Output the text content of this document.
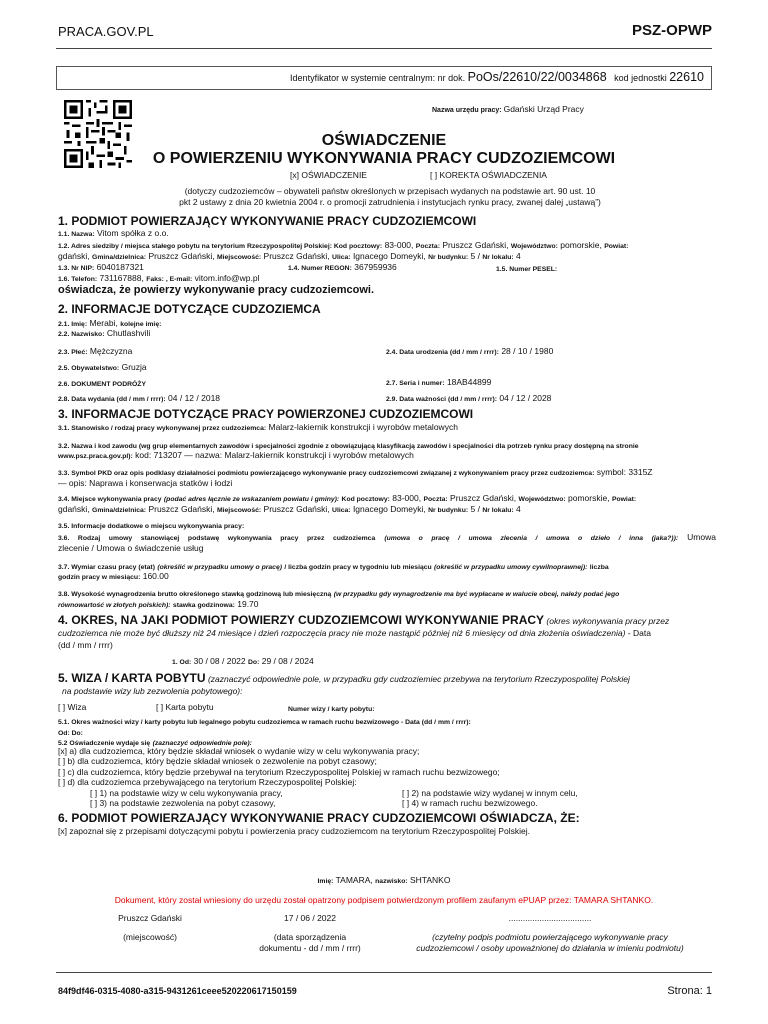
PRACA.GOV.PL	PSZ-OPWP
Identyfikator w systemie centralnym: nr dok. PoOs/22610/22/0034868 kod jednostki 22610
Nazwa urzędu pracy: Gdański Urząd Pracy
OŚWIADCZENIE
O POWIERZENIU WYKONYWANIA PRACY CUDZOZIEMCOWI
[x] OŚWIADCZENIE	[ ] KOREKTA OŚWIADCZENIA
(dotyczy cudzoziemców – obywateli państw określonych w przepisach wydanych na podstawie art. 90 ust. 10
pkt 2 ustawy z dnia 20 kwietnia 2004 r. o promocji zatrudnienia i instytucjach rynku pracy, zwanej dalej „ustawą”)
1. PODMIOT POWIERZAJĄCY WYKONYWANIE PRACY CUDZOZIEMCOWI
1.1. Nazwa: Vitom spółka z o.o.
1.2. Adres siedziby / miejsca stałego pobytu na terytorium Rzeczypospolitej Polskiej: Kod pocztowy: 83-000, Poczta: Pruszcz Gdański, Województwo: pomorskie, Powiat:
gdański, Gmina/dzielnica: Pruszcz Gdański, Miejscowość: Pruszcz Gdański, Ulica: Ignacego Domeyki, Nr budynku: 5 / Nr lokalu: 4
1.3. Nr NIP: 6040187321	1.4. Numer REGON: 367959936	1.5. Numer PESEL:
1.6. Telefon: 731167888, Faks: , E-mail: vitom.info@wp.pl
oświadcza, że powierzy wykonywanie pracy cudzoziemcowi.
2. INFORMACJE DOTYCZĄCE CUDZOZIEMCA
2.1. Imię: Merabi, kolejne imię:
2.2. Nazwisko: Chutlashvili
2.3. Płeć: Mężczyzna	2.4. Data urodzenia (dd / mm / rrrr): 28 / 10 / 1980
2.5. Obywatelstwo: Gruzja
2.6. DOKUMENT PODRÓŻY	2.7. Seria i numer: 18AB44899
2.8. Data wydania (dd / mm / rrrr): 04 / 12 / 2018	2.9. Data ważności (dd / mm / rrrr): 04 / 12 / 2028
3. INFORMACJE DOTYCZĄCE PRACY POWIERZONEJ CUDZOZIEMCOWI
3.1. Stanowisko / rodzaj pracy wykonywanej przez cudzoziemca: Malarz-lakiernik konstrukcji i wyrobów metalowych
3.2. Nazwa i kod zawodu (wg grup elementarnych zawodów i specjalności zgodnie z obowiązującą klasyfikacją zawodów i specjalności dla potrzeb rynku pracy dostępną na stronie
www.psz.praca.gov.pl): kod: 713207 — nazwa: Malarz-lakiernik konstrukcji i wyrobów metalowych
3.3. Symbol PKD oraz opis podklasy działalności podmiotu powierzającego wykonywanie pracy cudzoziemcowi związanej z wykonywaniem pracy przez cudzoziemca: symbol: 3315Z
— opis: Naprawa i konserwacja statków i łodzi
3.4. Miejsce wykonywania pracy (podać adres łącznie ze wskazaniem powiatu i gminy): Kod pocztowy: 83-000, Poczta: Pruszcz Gdański, Województwo: pomorskie, Powiat:
gdański, Gmina/dzielnica: Pruszcz Gdański, Miejscowość: Pruszcz Gdański, Ulica: Ignacego Domeyki, Nr budynku: 5 / Nr lokalu: 4
3.5. Informacje dodatkowe o miejscu wykonywania pracy:
3.6. Rodzaj umowy stanowiącej podstawę wykonywania pracy przez cudzoziemca (umowa o pracę / umowa zlecenia / umowa o dzieło / inna (jaka?)): Umowa
zlecenie / Umowa o świadczenie usług
3.7. Wymiar czasu pracy (etat) (określić w przypadku umowy o pracę) / liczba godzin pracy w tygodniu lub miesiącu (określić w przypadku umowy cywilnoprawnej): liczba
godzin pracy w miesiącu: 160.00
3.8. Wysokość wynagrodzenia brutto określonego stawką godzinową lub miesięczną (w przypadku gdy wynagrodzenie ma być wypłacane w walucie obcej, należy podać jego
równowartość w złotych polskich): stawka godzinowa: 19.70
4. OKRES, NA JAKI PODMIOT POWIERZY CUDZOZIEMCOWI WYKONYWANIE PRACY (okres wykonywania pracy przez
cudzoziemca nie może być dłuższy niż 24 miesiące i dzień rozpoczęcia pracy nie może nastąpić później niż 6 miesięcy od dnia złożenia oświadczenia) - Data
(dd / mm / rrrr)
1. Od: 30 / 08 / 2022 Do: 29 / 08 / 2024
5. WIZA / KARTA POBYTU (zaznaczyć odpowiednie pole, w przypadku gdy cudzoziemiec przebywa na terytorium Rzeczypospolitej Polskiej
na podstawie wizy lub zezwolenia pobytowego):
[ ] Wiza	[ ] Karta pobytu	Numer wizy / karty pobytu:
5.1. Okres ważności wizy / karty pobytu lub legalnego pobytu cudzoziemca w ramach ruchu bezwizowego - Data (dd / mm / rrrr):
Od: Do:
5.2 Oświadczenie wydaje się (zaznaczyć odpowiednie pole):
[x] a) dla cudzoziemca, który będzie składał wniosek o wydanie wizy w celu wykonywania pracy;
[ ] b) dla cudzoziemca, który będzie składał wniosek o zezwolenie na pobyt czasowy;
[ ] c) dla cudzoziemca, który będzie przebywał na terytorium Rzeczypospolitej Polskiej w ramach ruchu bezwizowego;
[ ] d) dla cudzoziemca przebywającego na terytorium Rzeczypospolitej Polskiej:
[ ] 1) na podstawie wizy w celu wykonywania pracy,	[ ] 2) na podstawie wizy wydanej w innym celu,
[ ] 3) na podstawie zezwolenia na pobyt czasowy,	[ ] 4) w ramach ruchu bezwizowego.
6. PODMIOT POWIERZAJĄCY WYKONYWANIE PRACY CUDZOZIEMCOWI OŚWIADCZA, ŻE:
[x] zapoznał się z przepisami dotyczącymi pobytu i powierzenia pracy cudzoziemcom na terytorium Rzeczypospolitej Polskiej.
Imię: TAMARA, nazwisko: SHTANKO
Dokument, który został wniesiony do urzędu został opatrzony podpisem potwierdzonym profilem zaufanym ePUAP przez: TAMARA SHTANKO.
Pruszcz Gdański
(miejscowość)
17 / 06 / 2022
(data sporządzenia
dokumentu - dd / mm / rrrr)
...................................
(czytelny podpis podmiotu powierzającego wykonywanie pracy
cudzoziemcowi / osoby upoważnionej do działania w imieniu podmiotu)
84f9df46-0315-4080-a315-9431261ceee520220617150159	Strona: 1
